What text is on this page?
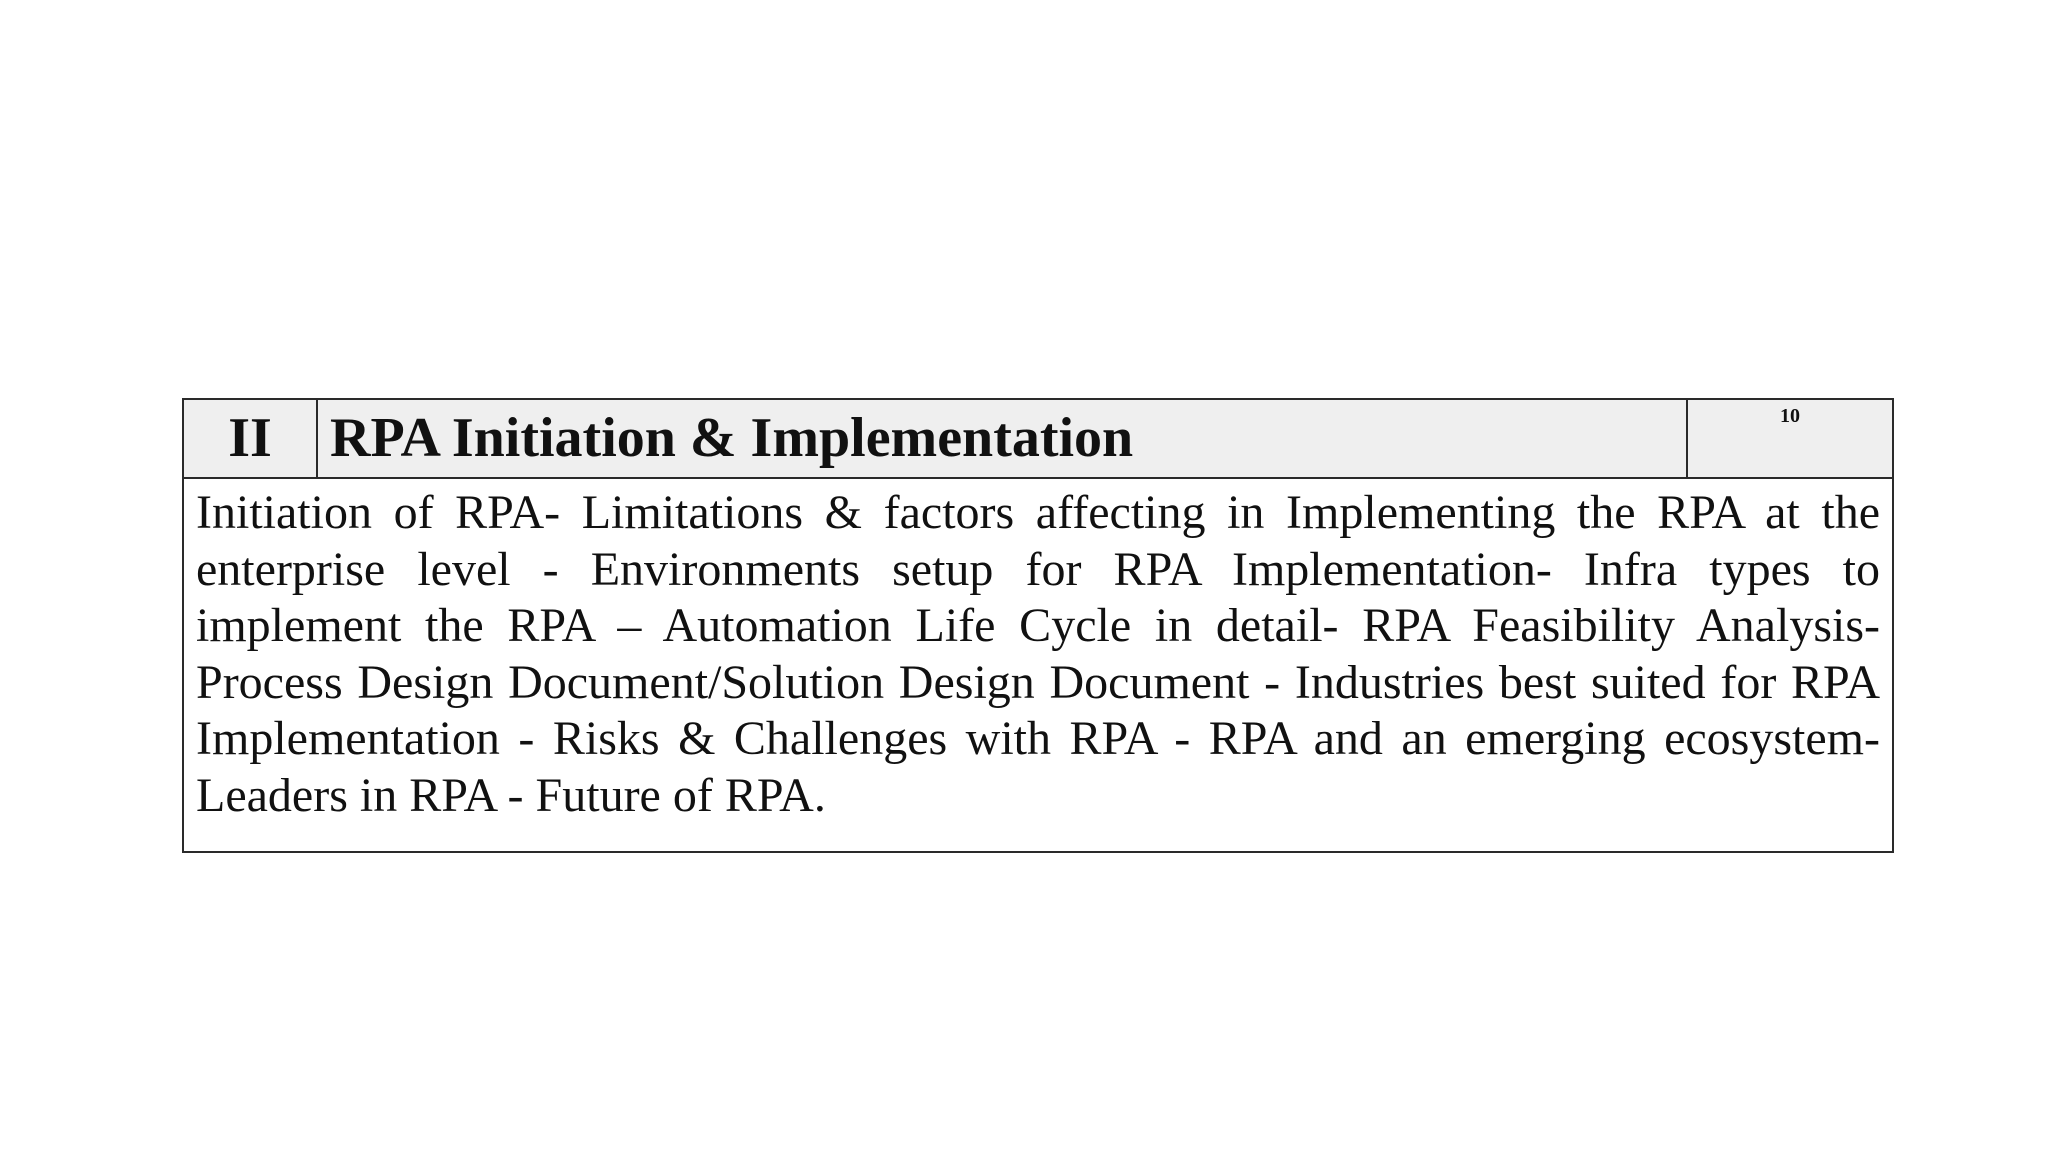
II	RPA Initiation & Implementation	10
Initiation of RPA- Limitations & factors affecting in Implementing the RPA at the enterprise level - Environments setup for RPA Implementation- Infra types to implement the RPA – Automation Life Cycle in detail- RPA Feasibility Analysis-Process Design Document/Solution Design Document - Industries best suited for RPA Implementation - Risks & Challenges with RPA - RPA and an emerging ecosystem- Leaders in RPA - Future of RPA.
